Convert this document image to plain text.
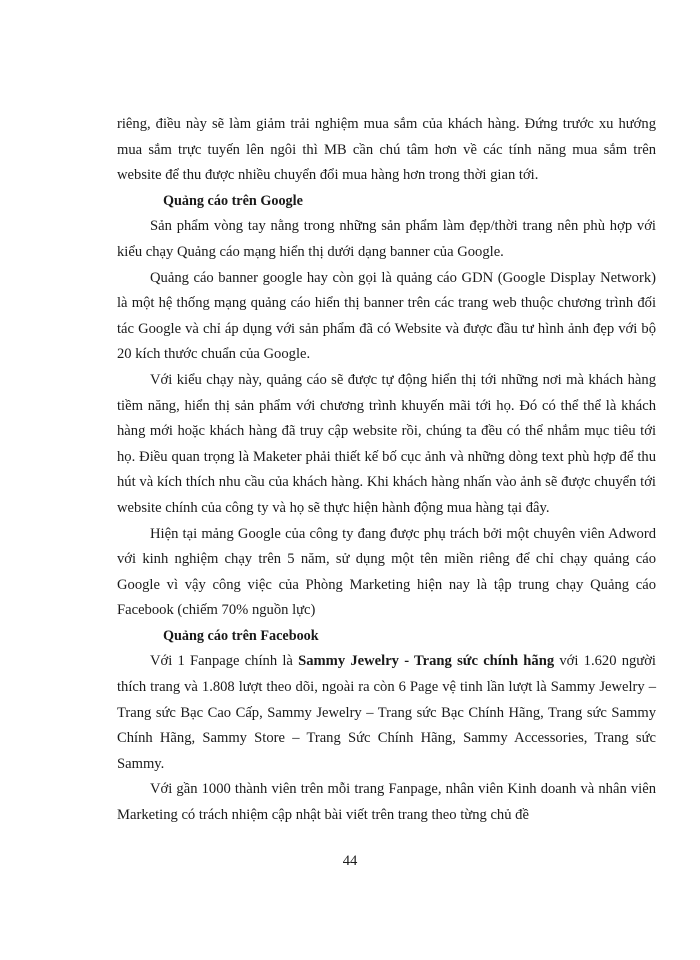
riêng, điều này sẽ làm giảm trải nghiệm mua sắm của khách hàng. Đứng trước xu hướng mua sắm trực tuyến lên ngôi thì MB cần chú tâm hơn về các tính năng mua sắm trên website để thu được nhiều chuyển đổi mua hàng hơn trong thời gian tới.

Quảng cáo trên Google

Sản phẩm vòng tay nằng trong những sản phẩm làm đẹp/thời trang nên phù hợp với kiểu chạy Quảng cáo mạng hiển thị dưới dạng banner của Google.

Quảng cáo banner google hay còn gọi là quảng cáo GDN (Google Display Network) là một hệ thống mạng quảng cáo hiển thị banner trên các trang web thuộc chương trình đối tác Google và chỉ áp dụng với sản phẩm đã có Website và được đầu tư hình ảnh đẹp với bộ 20 kích thước chuẩn của Google.

Với kiểu chạy này, quảng cáo sẽ được tự động hiển thị tới những nơi mà khách hàng tiềm năng, hiển thị sản phẩm với chương trình khuyến mãi tới họ. Đó có thể thể là khách hàng mới hoặc khách hàng đã truy cập website rồi, chúng ta đều có thể nhắm mục tiêu tới họ. Điều quan trọng là Maketer phải thiết kế bố cục ảnh và những dòng text phù hợp để thu hút và kích thích nhu cầu của khách hàng. Khi khách hàng nhấn vào ảnh sẽ được chuyển tới website chính của công ty và họ sẽ thực hiện hành động mua hàng tại đây.

Hiện tại mảng Google của công ty đang được phụ trách bởi một chuyên viên Adword với kinh nghiệm chạy trên 5 năm, sử dụng một tên miền riêng để chỉ chạy quảng cáo Google vì vậy công việc của Phòng Marketing hiện nay là tập trung chạy Quảng cáo Facebook (chiếm 70% nguồn lực)

Quảng cáo trên Facebook

Với 1 Fanpage chính là Sammy Jewelry - Trang sức chính hãng với 1.620 người thích trang và 1.808 lượt theo dõi, ngoài ra còn 6 Page vệ tinh lần lượt là Sammy Jewelry – Trang sức Bạc Cao Cấp, Sammy Jewelry – Trang sức Bạc Chính Hãng, Trang sức Sammy Chính Hãng, Sammy Store – Trang Sức Chính Hãng, Sammy Accessories, Trang sức Sammy.

Với gần 1000 thành viên trên mỗi trang Fanpage, nhân viên Kinh doanh và nhân viên Marketing có trách nhiệm cập nhật bài viết trên trang theo từng chủ đề

44
